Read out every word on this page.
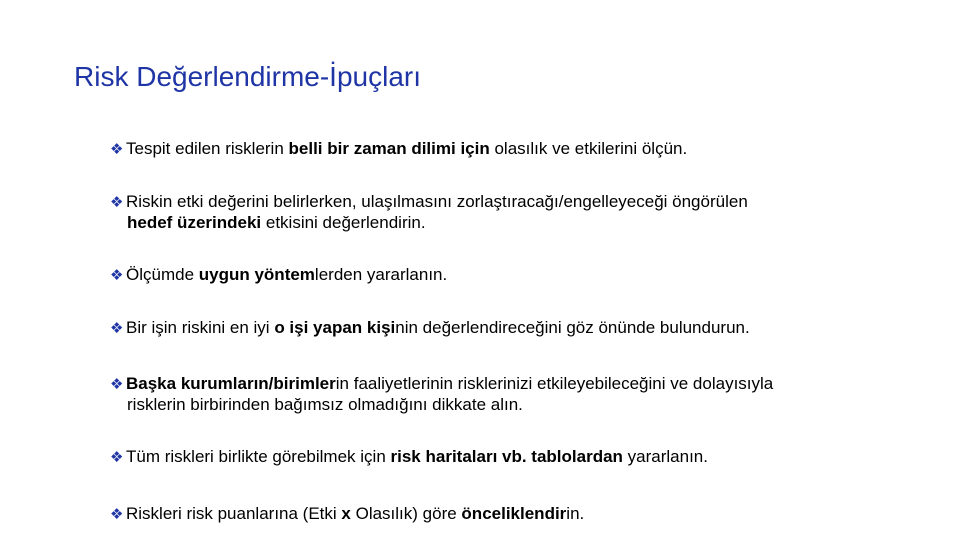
Risk Değerlendirme-İpuçları
❖ Tespit edilen risklerin belli bir zaman dilimi için olasılık ve etkilerini ölçün.
❖ Riskin etki değerini belirlerken, ulaşılmasını zorlaştıracağı/engelleyeceği öngörülen
hedef üzerindeki etkisini değerlendirin.
❖ Ölçümde uygun yöntemlerden yararlanın.
❖ Bir işin riskini en iyi o işi yapan kişinin değerlendireceğini göz önünde bulundurun.
❖ Başka kurumların/birimlerin faaliyetlerinin risklerinizi etkileyebileceğini ve dolayısıyla
risklerin birbirinden bağımsız olmadığını dikkate alın.
❖ Tüm riskleri birlikte görebilmek için risk haritaları vb. tablolardan yararlanın.
❖ Riskleri risk puanlarına (Etki x Olasılık) göre önceliklendirin.
